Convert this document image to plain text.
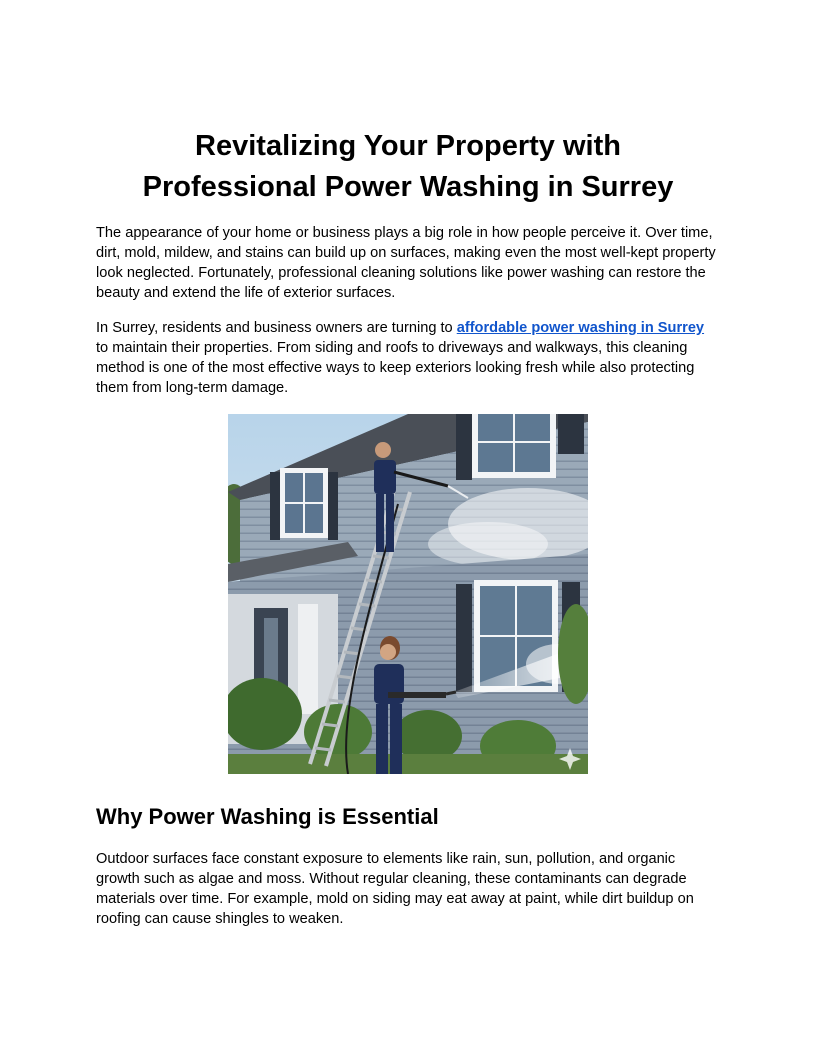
Revitalizing Your Property with
Professional Power Washing in Surrey

The appearance of your home or business plays a big role in how people perceive it. Over time, dirt, mold, mildew, and stains can build up on surfaces, making even the most well-kept property look neglected. Fortunately, professional cleaning solutions like power washing can restore the beauty and extend the life of exterior surfaces.

In Surrey, residents and business owners are turning to affordable power washing in Surrey to maintain their properties. From siding and roofs to driveways and walkways, this cleaning method is one of the most effective ways to keep exteriors looking fresh while also protecting them from long-term damage.

Why Power Washing is Essential

Outdoor surfaces face constant exposure to elements like rain, sun, pollution, and organic growth such as algae and moss. Without regular cleaning, these contaminants can degrade materials over time. For example, mold on siding may eat away at paint, while dirt buildup on roofing can cause shingles to weaken.
